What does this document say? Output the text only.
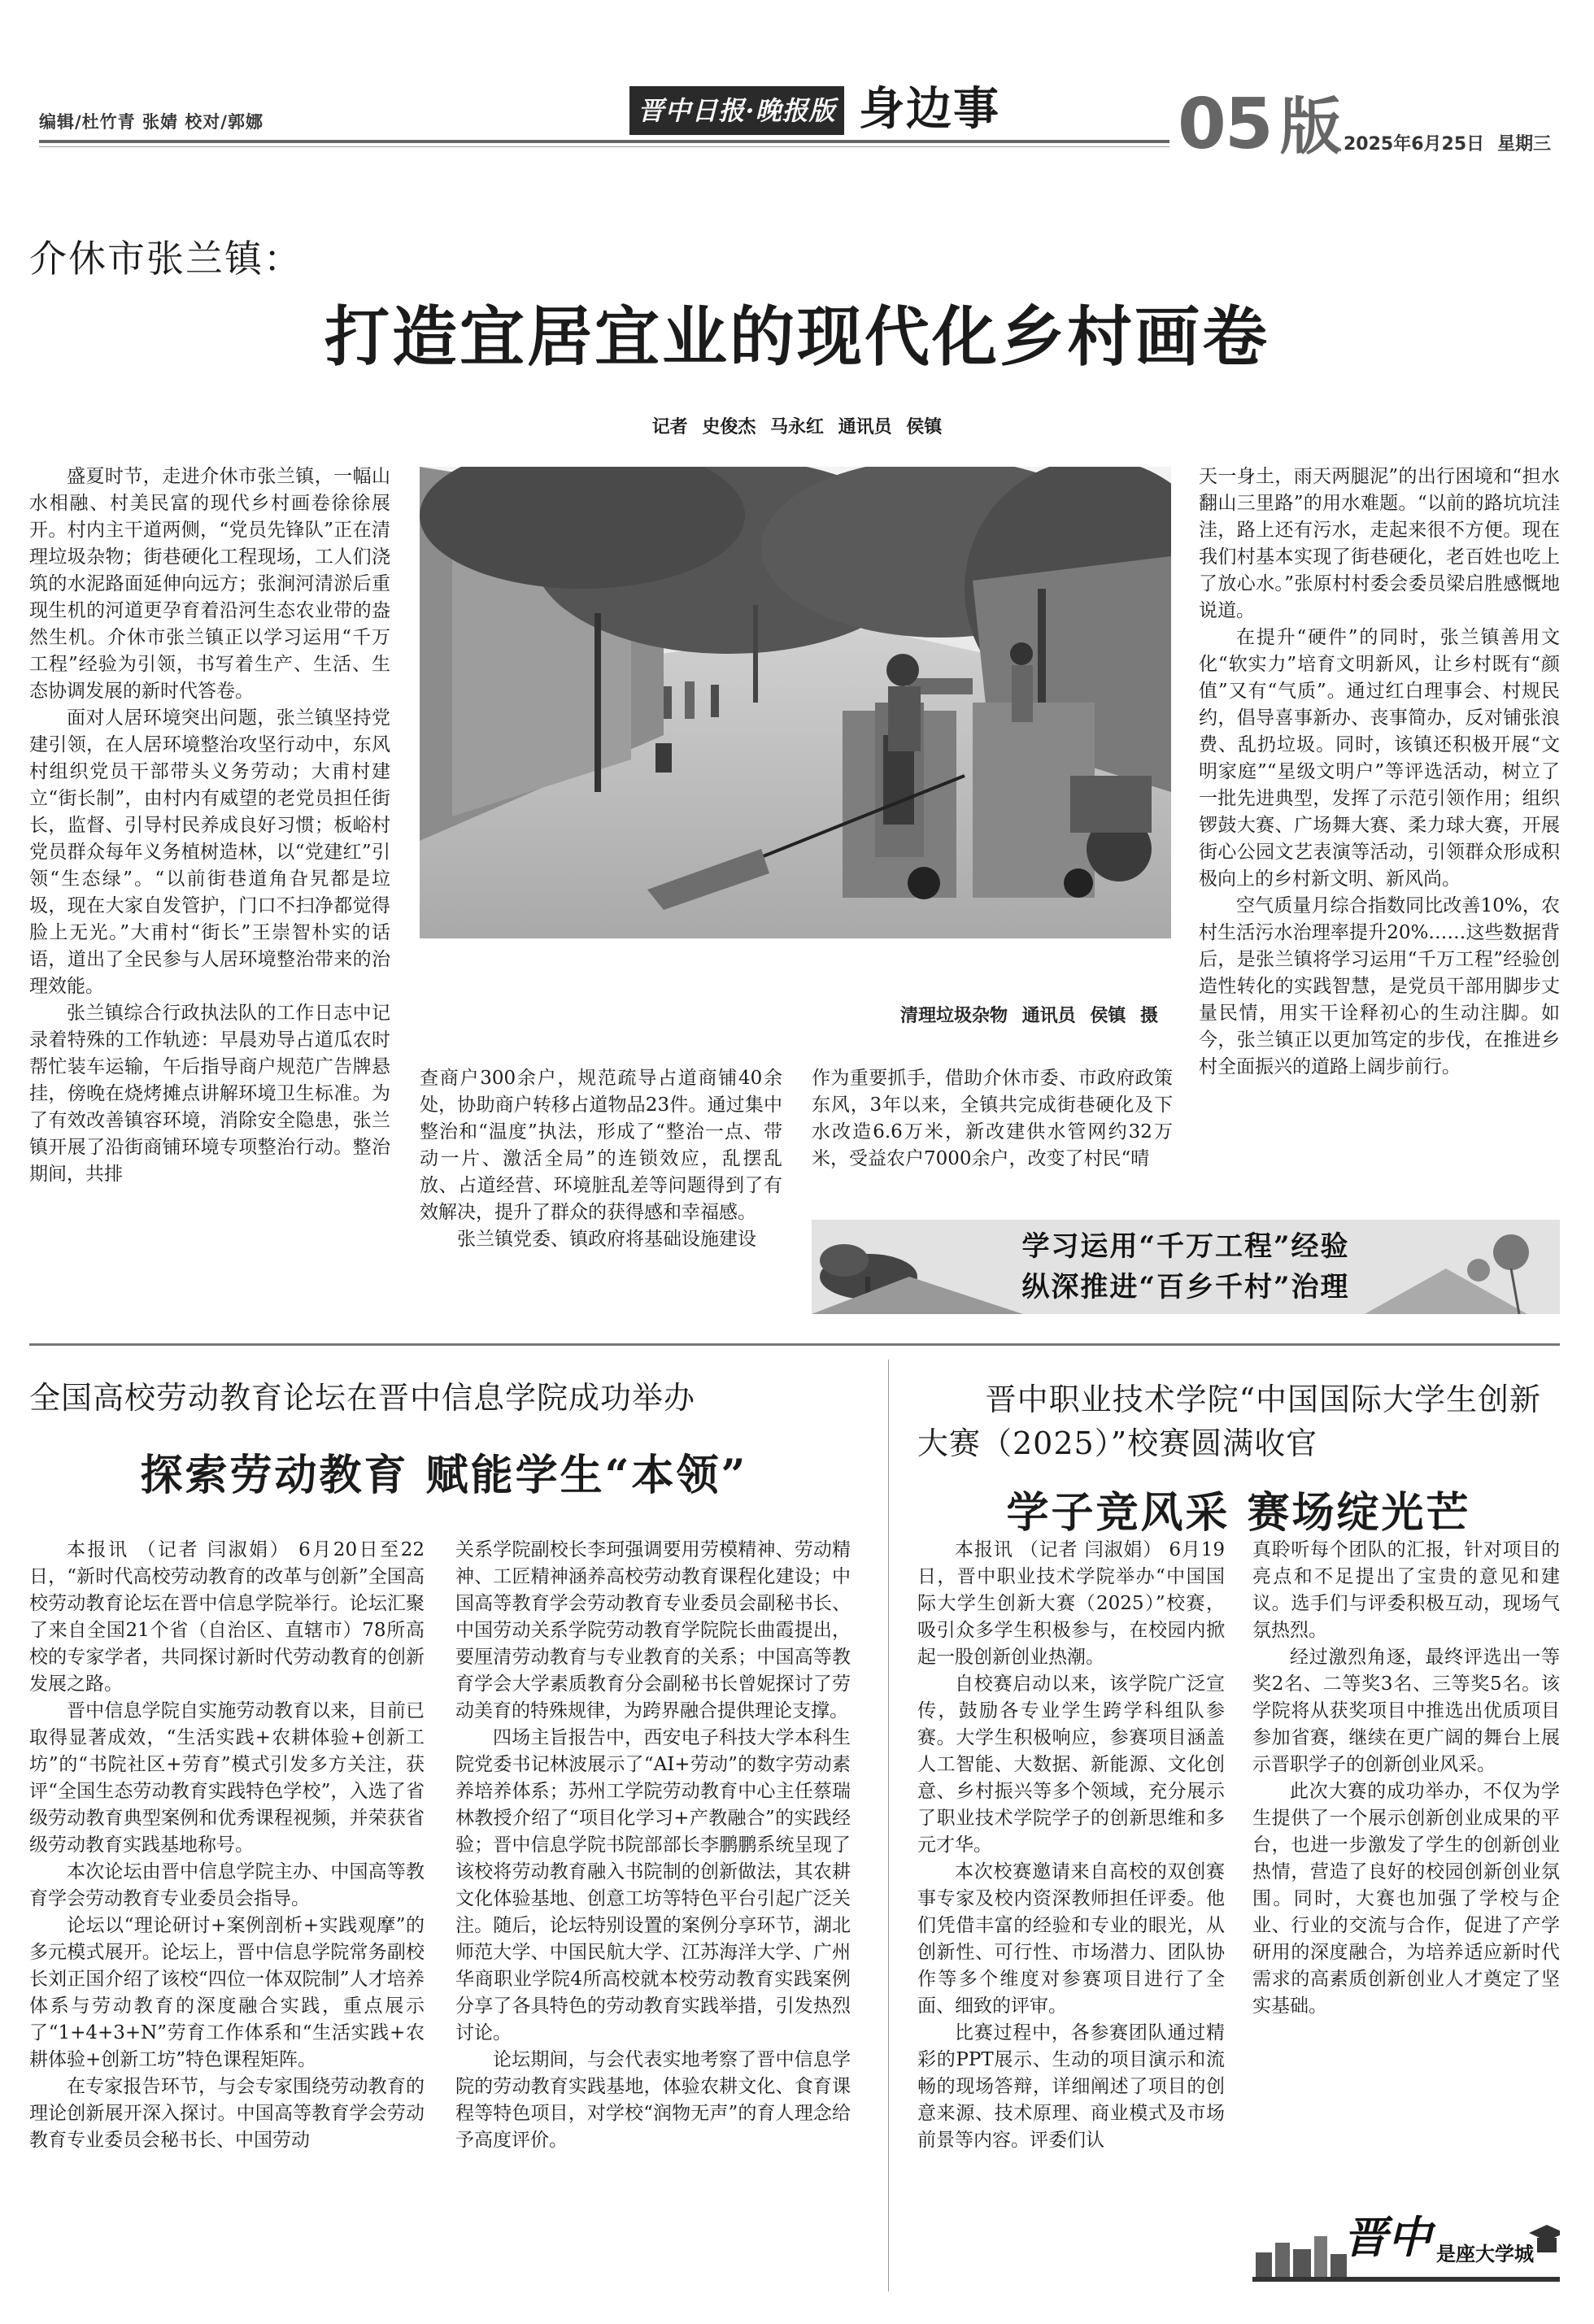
编辑/杜竹青 张婧 校对/郭娜	晋中日报·晚报版 身边事	05 版 2025年6月25日 星期三
介休市张兰镇：
打造宜居宜业的现代化乡村画卷
记者 史俊杰 马永红 通讯员 侯镇

盛夏时节，走进介休市张兰镇，一幅山水相融、村美民富的现代乡村画卷徐徐展开。村内主干道两侧，“党员先锋队”正在清理垃圾杂物；街巷硬化工程现场，工人们浇筑的水泥路面延伸向远方；张涧河清淤后重现生机的河道更孕育着沿河生态农业带的盎然生机。介休市张兰镇正以学习运用“千万工程”经验为引领，书写着生产、生活、生态协调发展的新时代答卷。

面对人居环境突出问题，张兰镇坚持党建引领，在人居环境整治攻坚行动中，东风村组织党员干部带头义务劳动；大甫村建立“街长制”，由村内有威望的老党员担任街长，监督、引导村民养成良好习惯；板峪村党员群众每年义务植树造林，以“党建红”引领“生态绿”。“以前街巷道角旮旯都是垃圾，现在大家自发管护，门口不扫净都觉得脸上无光。”大甫村“街长”王崇智朴实的话语，道出了全民参与人居环境整治带来的治理效能。

张兰镇综合行政执法队的工作日志中记录着特殊的工作轨迹：早晨劝导占道瓜农时帮忙装车运输，午后指导商户规范广告牌悬挂，傍晚在烧烤摊点讲解环境卫生标准。为了有效改善镇容环境，消除安全隐患，张兰镇开展了沿街商铺环境专项整治行动。整治期间，共排

清理垃圾杂物 通讯员 侯镇 摄

查商户300余户，规范疏导占道商铺40余处，协助商户转移占道物品23件。通过集中整治和“温度”执法，形成了“整治一点、带动一片、激活全局”的连锁效应，乱摆乱放、占道经营、环境脏乱差等问题得到了有效解决，提升了群众的获得感和幸福感。

张兰镇党委、镇政府将基础设施建设

作为重要抓手，借助介休市委、市政府政策东风，3年以来，全镇共完成街巷硬化及下水改造6.6万米，新改建供水管网约32万米，受益农户7000余户，改变了村民“晴

天一身土，雨天两腿泥”的出行困境和“担水翻山三里路”的用水难题。“以前的路坑坑洼洼，路上还有污水，走起来很不方便。现在我们村基本实现了街巷硬化，老百姓也吃上了放心水。”张原村村委会委员梁启胜感慨地说道。

在提升“硬件”的同时，张兰镇善用文化“软实力”培育文明新风，让乡村既有“颜值”又有“气质”。通过红白理事会、村规民约，倡导喜事新办、丧事简办，反对铺张浪费、乱扔垃圾。同时，该镇还积极开展“文明家庭”“星级文明户”等评选活动，树立了一批先进典型，发挥了示范引领作用；组织锣鼓大赛、广场舞大赛、柔力球大赛，开展街心公园文艺表演等活动，引领群众形成积极向上的乡村新文明、新风尚。

空气质量月综合指数同比改善10%，农村生活污水治理率提升20%……这些数据背后，是张兰镇将学习运用“千万工程”经验创造性转化的实践智慧，是党员干部用脚步丈量民情，用实干诠释初心的生动注脚。如今，张兰镇正以更加笃定的步伐，在推进乡村全面振兴的道路上阔步前行。

学习运用“千万工程”经验
纵深推进“百乡千村”治理
全国高校劳动教育论坛在晋中信息学院成功举办
探索劳动教育 赋能学生“本领”

本报讯 （记者 闫淑娟） 6月20日至22日，“新时代高校劳动教育的改革与创新”全国高校劳动教育论坛在晋中信息学院举行。论坛汇聚了来自全国21个省（自治区、直辖市）78所高校的专家学者，共同探讨新时代劳动教育的创新发展之路。

晋中信息学院自实施劳动教育以来，目前已取得显著成效，“生活实践+农耕体验+创新工坊”的“书院社区+劳育”模式引发多方关注，获评“全国生态劳动教育实践特色学校”，入选了省级劳动教育典型案例和优秀课程视频，并荣获省级劳动教育实践基地称号。

本次论坛由晋中信息学院主办、中国高等教育学会劳动教育专业委员会指导。

论坛以“理论研讨+案例剖析+实践观摩”的多元模式展开。论坛上，晋中信息学院常务副校长刘正国介绍了该校“四位一体双院制”人才培养体系与劳动教育的深度融合实践，重点展示了“1+4+3+N”劳育工作体系和“生活实践+农耕体验+创新工坊”特色课程矩阵。

在专家报告环节，与会专家围绕劳动教育的理论创新展开深入探讨。中国高等教育学会劳动教育专业委员会秘书长、中国劳动

关系学院副校长李珂强调要用劳模精神、劳动精神、工匠精神涵养高校劳动教育课程化建设；中国高等教育学会劳动教育专业委员会副秘书长、中国劳动关系学院劳动教育学院院长曲霞提出，要厘清劳动教育与专业教育的关系；中国高等教育学会大学素质教育分会副秘书长曾妮探讨了劳动美育的特殊规律，为跨界融合提供理论支撑。

四场主旨报告中，西安电子科技大学本科生院党委书记林波展示了“AI+劳动”的数字劳动素养培养体系；苏州工学院劳动教育中心主任蔡瑞林教授介绍了“项目化学习+产教融合”的实践经验；晋中信息学院书院部部长李鹏鹏系统呈现了该校将劳动教育融入书院制的创新做法，其农耕文化体验基地、创意工坊等特色平台引起广泛关注。随后，论坛特别设置的案例分享环节，湖北师范大学、中国民航大学、江苏海洋大学、广州华商职业学院4所高校就本校劳动教育实践案例分享了各具特色的劳动教育实践举措，引发热烈讨论。

论坛期间，与会代表实地考察了晋中信息学院的劳动教育实践基地，体验农耕文化、食育课程等特色项目，对学校“润物无声”的育人理念给予高度评价。

晋中职业技术学院“中国国际大学生创新大赛（2025）”校赛圆满收官
学子竞风采 赛场绽光芒

本报讯 （记者 闫淑娟） 6月19日，晋中职业技术学院举办“中国国际大学生创新大赛（2025）”校赛，吸引众多学生积极参与，在校园内掀起一股创新创业热潮。

自校赛启动以来，该学院广泛宣传，鼓励各专业学生跨学科组队参赛。大学生积极响应，参赛项目涵盖人工智能、大数据、新能源、文化创意、乡村振兴等多个领域，充分展示了职业技术学院学子的创新思维和多元才华。

本次校赛邀请来自高校的双创赛事专家及校内资深教师担任评委。他们凭借丰富的经验和专业的眼光，从创新性、可行性、市场潜力、团队协作等多个维度对参赛项目进行了全面、细致的评审。

比赛过程中，各参赛团队通过精彩的PPT展示、生动的项目演示和流畅的现场答辩，详细阐述了项目的创意来源、技术原理、商业模式及市场前景等内容。评委们认

真聆听每个团队的汇报，针对项目的亮点和不足提出了宝贵的意见和建议。选手们与评委积极互动，现场气氛热烈。

经过激烈角逐，最终评选出一等奖2名、二等奖3名、三等奖5名。该学院将从获奖项目中推选出优质项目参加省赛，继续在更广阔的舞台上展示晋职学子的创新创业风采。

此次大赛的成功举办，不仅为学生提供了一个展示创新创业成果的平台，也进一步激发了学生的创新创业热情，营造了良好的校园创新创业氛围。同时，大赛也加强了学校与企业、行业的交流与合作，促进了产学研用的深度融合，为培养适应新时代需求的高素质创新创业人才奠定了坚实基础。

晋中 是座大学城
